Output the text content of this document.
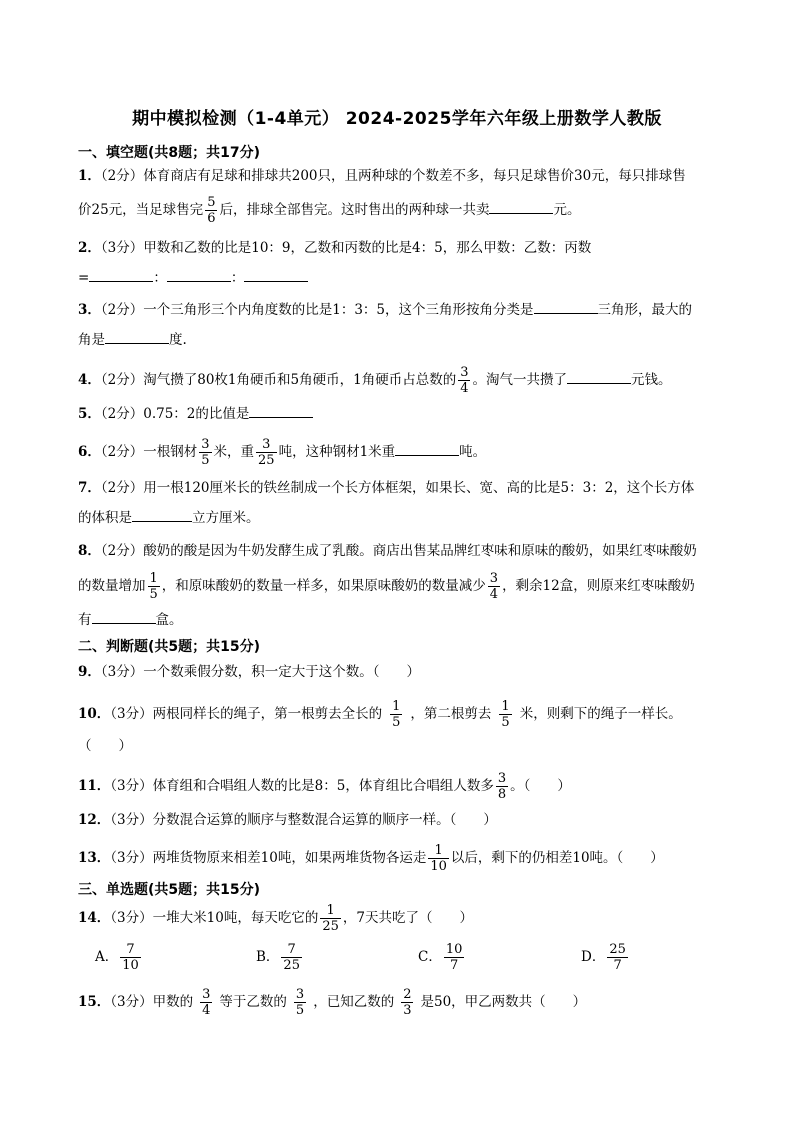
期中模拟检测（1-4单元） 2024-2025学年六年级上册数学人教版
一、填空题(共8题；共17分)
1．（2分）体育商店有足球和排球共200只，且两种球的个数差不多，每只足球售价30元，每只排球售
价25元，当足球售完 $\frac{5}{6}$ 后，排球全部售完。这时售出的两种球一共卖	元。
2．（3分）甲数和乙数的比是10：9，乙数和丙数的比是4：5，那么甲数：乙数：丙数
=	：	：
3．（2分）一个三角形三个内角度数的比是1：3：5，这个三角形按角分类是	三角形，最大的
角是	度.
4．（2分）淘气攒了80枚1角硬币和5角硬币，1角硬币占总数的 $\frac{3}{4}$ 。淘气一共攒了	元钱。
5．（2分）0.75：2的比值是
6．（2分）一根钢材 $\frac{3}{5}$ 米，重 $\frac{3}{25}$ 吨，这种钢材1米重	吨。
7．（2分）用一根120厘米长的铁丝制成一个长方体框架，如果长、宽、高的比是5：3：2，这个长方体
的体积是	立方厘米。
8．（2分）酸奶的酸是因为牛奶发酵生成了乳酸。商店出售某品牌红枣味和原味的酸奶，如果红枣味酸奶
的数量增加 $\frac{1}{5}$ ，和原味酸奶的数量一样多，如果原味酸奶的数量减少 $\frac{3}{4}$ ，剩余12盒，则原来红枣味酸奶
有	盒。
二、判断题(共5题；共15分)
9．（3分）一个数乘假分数，积一定大于这个数。（　　）
10．（3分）两根同样长的绳子，第一根剪去全长的 $\frac{1}{5}$ ，第二根剪去 $\frac{1}{5}$ 米，则剩下的绳子一样长。
（　　）
11．（3分）体育组和合唱组人数的比是8：5，体育组比合唱组人数多 $\frac{3}{8}$ 。（　　）
12．（3分）分数混合运算的顺序与整数混合运算的顺序一样。（　　）
13．（3分）两堆货物原来相差10吨，如果两堆货物各运走 $\frac{1}{10}$ 以后，剩下的仍相差10吨。（　　）
三、单选题(共5题；共15分)
14．（3分）一堆大米10吨，每天吃它的 $\frac{1}{25}$ ，7天共吃了（　　）
A． $\frac{7}{10}$	B． $\frac{7}{25}$	C． $\frac{10}{7}$	D． $\frac{25}{7}$
15．（3分）甲数的 $\frac{3}{4}$ 等于乙数的 $\frac{3}{5}$ ，已知乙数的 $\frac{2}{3}$ 是50，甲乙两数共（　　）
